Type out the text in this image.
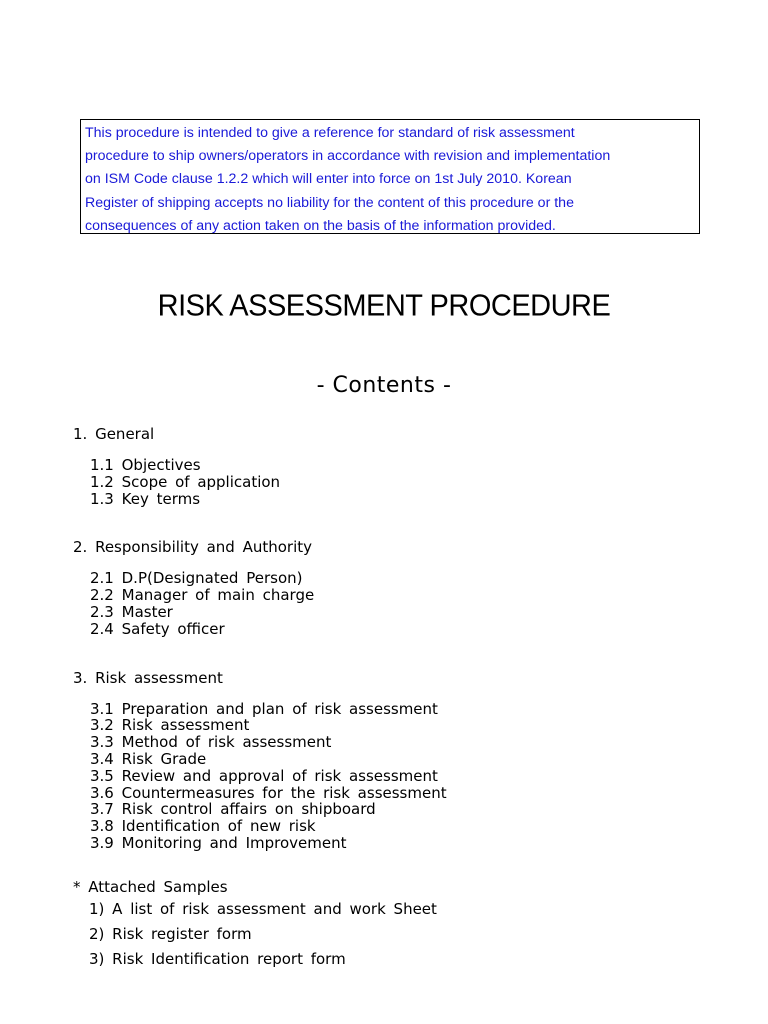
This procedure is intended to give a reference for standard of risk assessment
procedure to ship owners/operators in accordance with revision and implementation
on ISM Code clause 1.2.2 which will enter into force on 1st July 2010. Korean
Register of shipping accepts no liability for the content of this procedure or the
consequences of any action taken on the basis of the information provided.
RISK ASSESSMENT PROCEDURE
- Contents -
1. General
1.1 Objectives
1.2 Scope of application
1.3 Key terms
2. Responsibility and Authority
2.1 D.P(Designated Person)
2.2 Manager of main charge
2.3 Master
2.4 Safety officer
3. Risk assessment
3.1 Preparation and plan of risk assessment
3.2 Risk assessment
3.3 Method of risk assessment
3.4 Risk Grade
3.5 Review and approval of risk assessment
3.6 Countermeasures for the risk assessment
3.7 Risk control affairs on shipboard
3.8 Identification of new risk
3.9 Monitoring and Improvement
* Attached Samples
1) A list of risk assessment and work Sheet
2) Risk register form
3) Risk Identification report form
